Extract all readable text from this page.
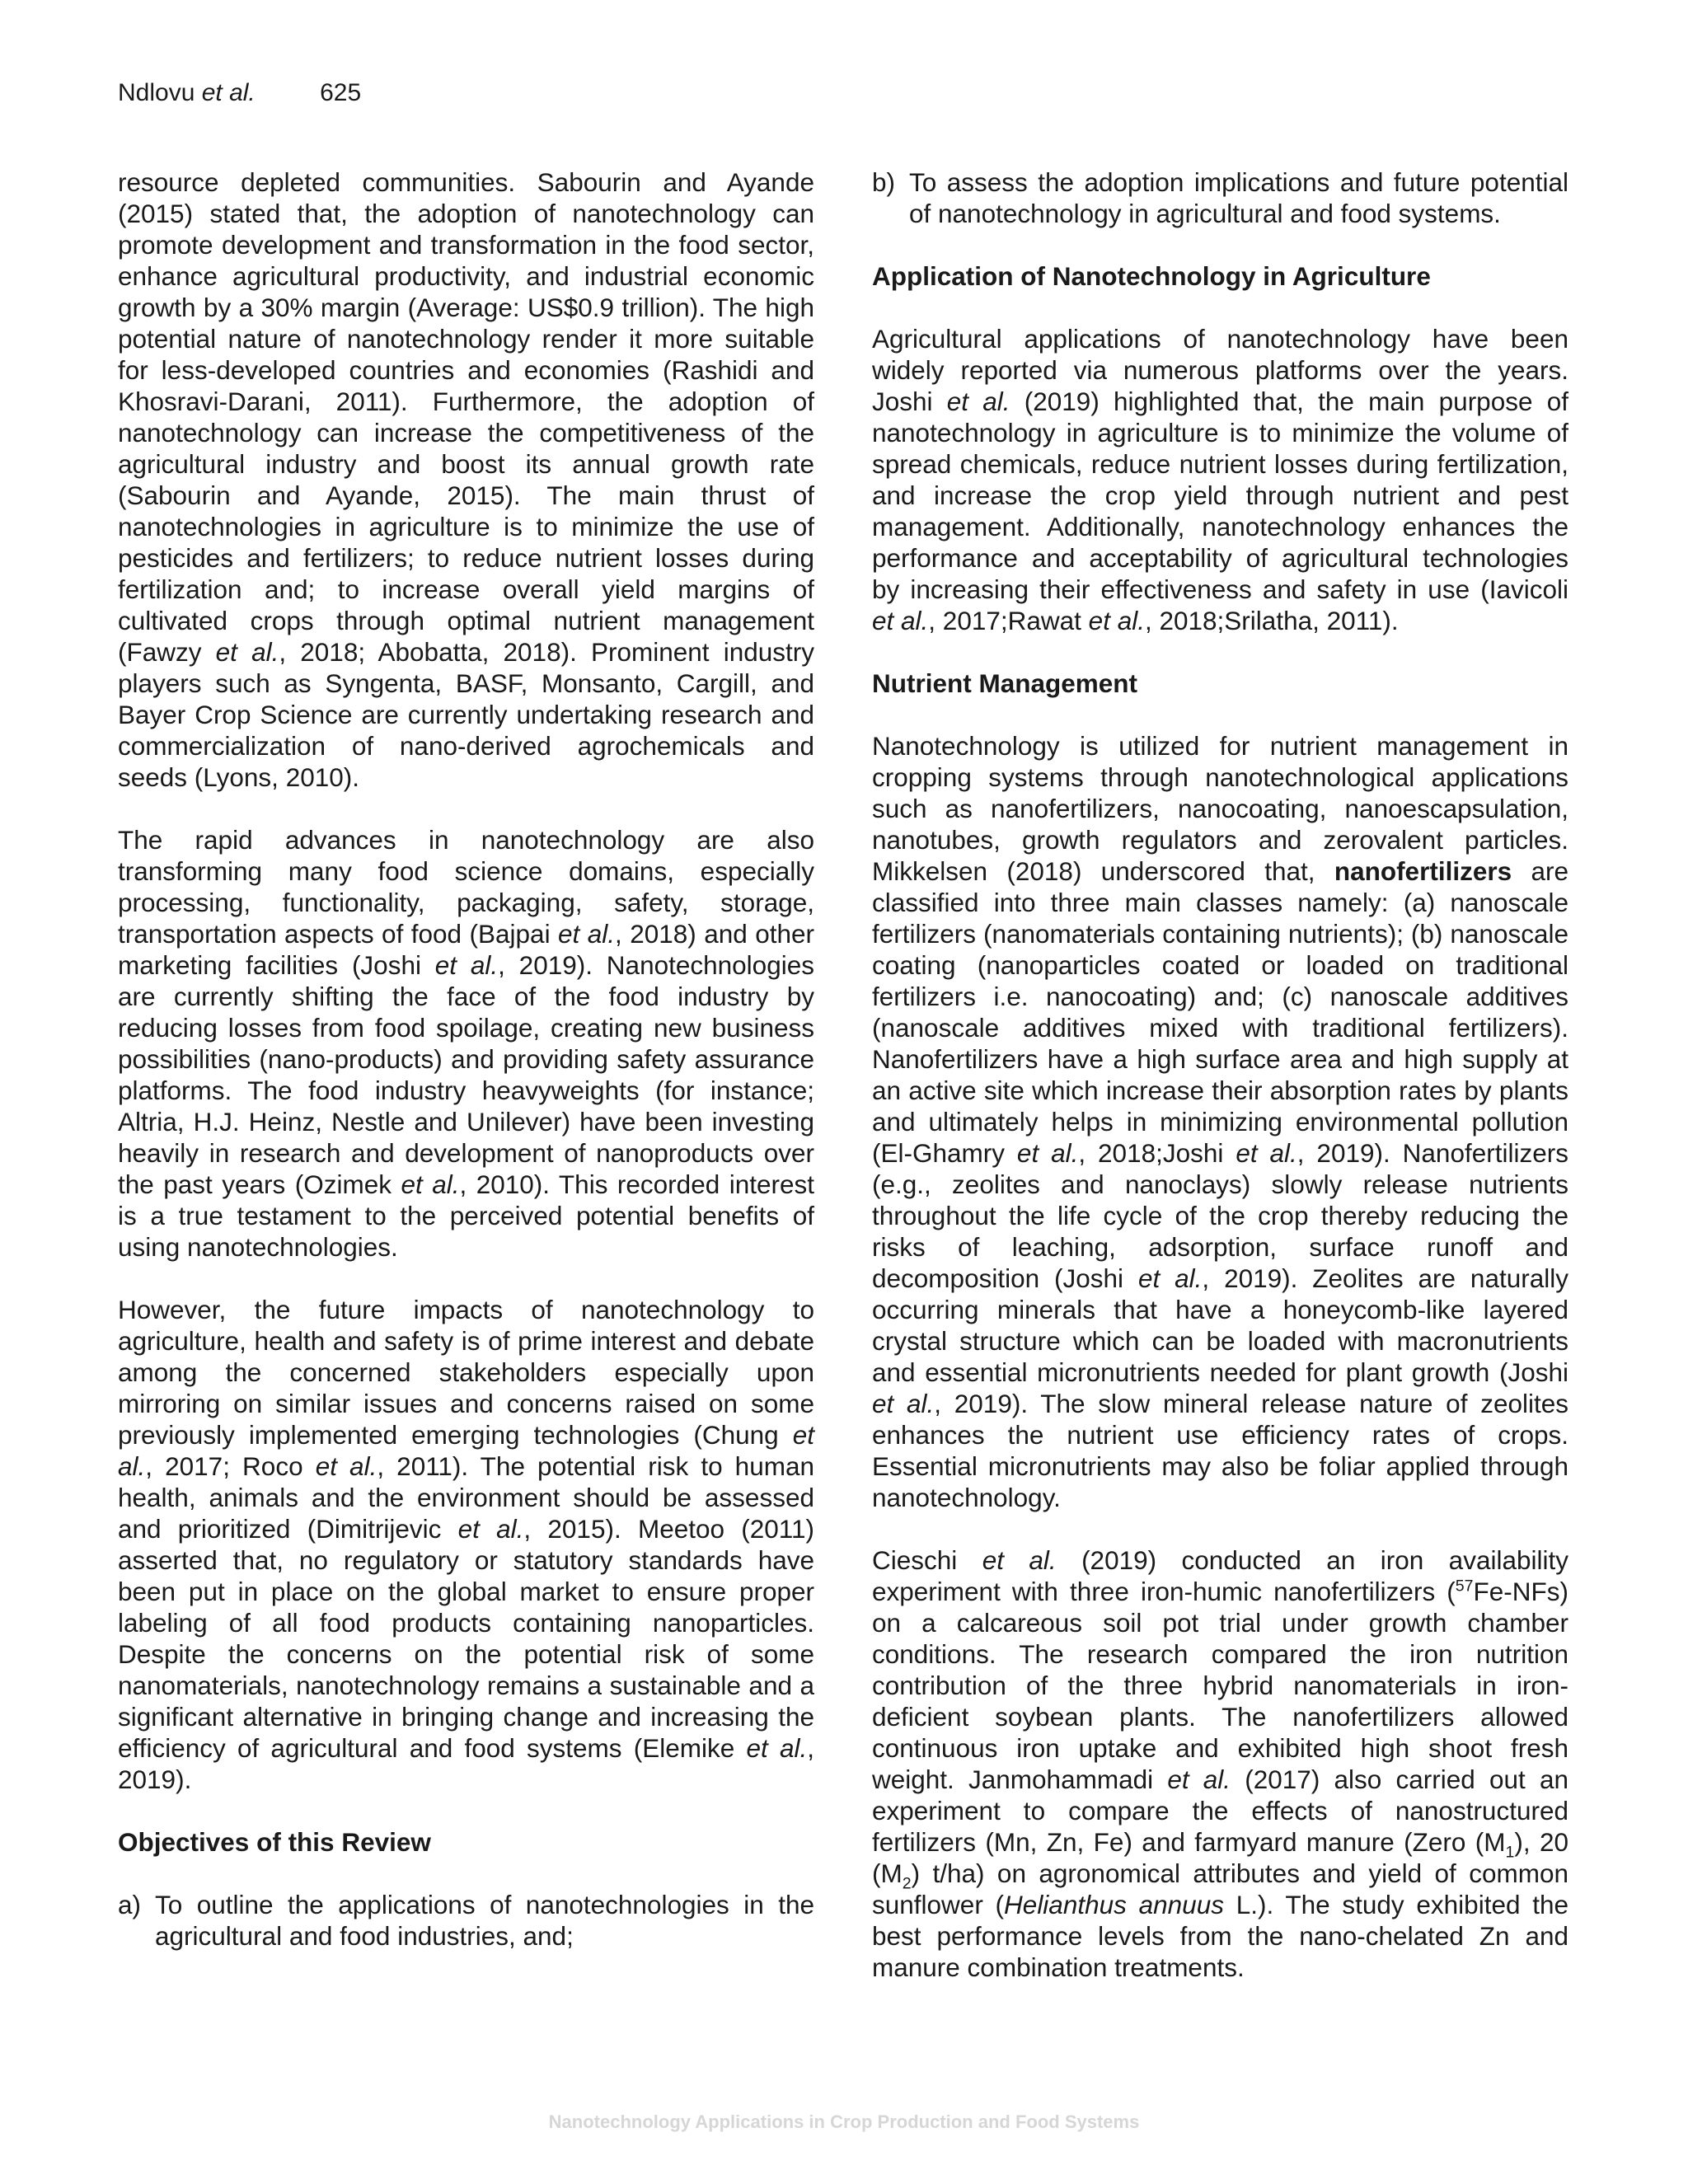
Ndlovu et al.	625

resource depleted communities. Sabourin and Ayande (2015) stated that, the adoption of nanotechnology can promote development and transformation in the food sector, enhance agricultural productivity, and industrial economic growth by a 30% margin (Average: US$0.9 trillion). The high potential nature of nanotechnology render it more suitable for less-developed countries and economies (Rashidi and Khosravi-Darani, 2011). Furthermore, the adoption of nanotechnology can increase the competitiveness of the agricultural industry and boost its annual growth rate (Sabourin and Ayande, 2015). The main thrust of nanotechnologies in agriculture is to minimize the use of pesticides and fertilizers; to reduce nutrient losses during fertilization and; to increase overall yield margins of cultivated crops through optimal nutrient management (Fawzy et al., 2018; Abobatta, 2018). Prominent industry players such as Syngenta, BASF, Monsanto, Cargill, and Bayer Crop Science are currently undertaking research and commercialization of nano-derived agrochemicals and seeds (Lyons, 2010).

The rapid advances in nanotechnology are also transforming many food science domains, especially processing, functionality, packaging, safety, storage, transportation aspects of food (Bajpai et al., 2018) and other marketing facilities (Joshi et al., 2019). Nanotechnologies are currently shifting the face of the food industry by reducing losses from food spoilage, creating new business possibilities (nano-products) and providing safety assurance platforms. The food industry heavyweights (for instance; Altria, H.J. Heinz, Nestle and Unilever) have been investing heavily in research and development of nanoproducts over the past years (Ozimek et al., 2010). This recorded interest is a true testament to the perceived potential benefits of using nanotechnologies.

However, the future impacts of nanotechnology to agriculture, health and safety is of prime interest and debate among the concerned stakeholders especially upon mirroring on similar issues and concerns raised on some previously implemented emerging technologies (Chung et al., 2017; Roco et al., 2011). The potential risk to human health, animals and the environment should be assessed and prioritized (Dimitrijevic et al., 2015). Meetoo (2011) asserted that, no regulatory or statutory standards have been put in place on the global market to ensure proper labeling of all food products containing nanoparticles. Despite the concerns on the potential risk of some nanomaterials, nanotechnology remains a sustainable and a significant alternative in bringing change and increasing the efficiency of agricultural and food systems (Elemike et al., 2019).

Objectives of this Review
a) To outline the applications of nanotechnologies in the agricultural and food industries, and;
b) To assess the adoption implications and future potential of nanotechnology in agricultural and food systems.
Application of Nanotechnology in Agriculture

Agricultural applications of nanotechnology have been widely reported via numerous platforms over the years. Joshi et al. (2019) highlighted that, the main purpose of nanotechnology in agriculture is to minimize the volume of spread chemicals, reduce nutrient losses during fertilization, and increase the crop yield through nutrient and pest management. Additionally, nanotechnology enhances the performance and acceptability of agricultural technologies by increasing their effectiveness and safety in use (Iavicoli et al., 2017;Rawat et al., 2018;Srilatha, 2011).

Nutrient Management

Nanotechnology is utilized for nutrient management in cropping systems through nanotechnological applications such as nanofertilizers, nanocoating, nanoescapsulation, nanotubes, growth regulators and zerovalent particles. Mikkelsen (2018) underscored that, nanofertilizers are classified into three main classes namely: (a) nanoscale fertilizers (nanomaterials containing nutrients); (b) nanoscale coating (nanoparticles coated or loaded on traditional fertilizers i.e. nanocoating) and; (c) nanoscale additives (nanoscale additives mixed with traditional fertilizers). Nanofertilizers have a high surface area and high supply at an active site which increase their absorption rates by plants and ultimately helps in minimizing environmental pollution (El-Ghamry et al., 2018;Joshi et al., 2019). Nanofertilizers (e.g., zeolites and nanoclays) slowly release nutrients throughout the life cycle of the crop thereby reducing the risks of leaching, adsorption, surface runoff and decomposition (Joshi et al., 2019). Zeolites are naturally occurring minerals that have a honeycomb-like layered crystal structure which can be loaded with macronutrients and essential micronutrients needed for plant growth (Joshi et al., 2019). The slow mineral release nature of zeolites enhances the nutrient use efficiency rates of crops. Essential micronutrients may also be foliar applied through nanotechnology.

Cieschi et al. (2019) conducted an iron availability experiment with three iron-humic nanofertilizers ($^{57}$Fe-NFs) on a calcareous soil pot trial under growth chamber conditions. The research compared the iron nutrition contribution of the three hybrid nanomaterials in iron-deficient soybean plants. The nanofertilizers allowed continuous iron uptake and exhibited high shoot fresh weight. Janmohammadi et al. (2017) also carried out an experiment to compare the effects of nanostructured fertilizers (Mn, Zn, Fe) and farmyard manure (Zero $(M_1)$, 20 $(M_2)$ t/ha) on agronomical attributes and yield of common sunflower (Helianthus annuus L.). The study exhibited the best performance levels from the nano-chelated Zn and manure combination treatments.

Nanotechnology Applications in Crop Production and Food Systems
